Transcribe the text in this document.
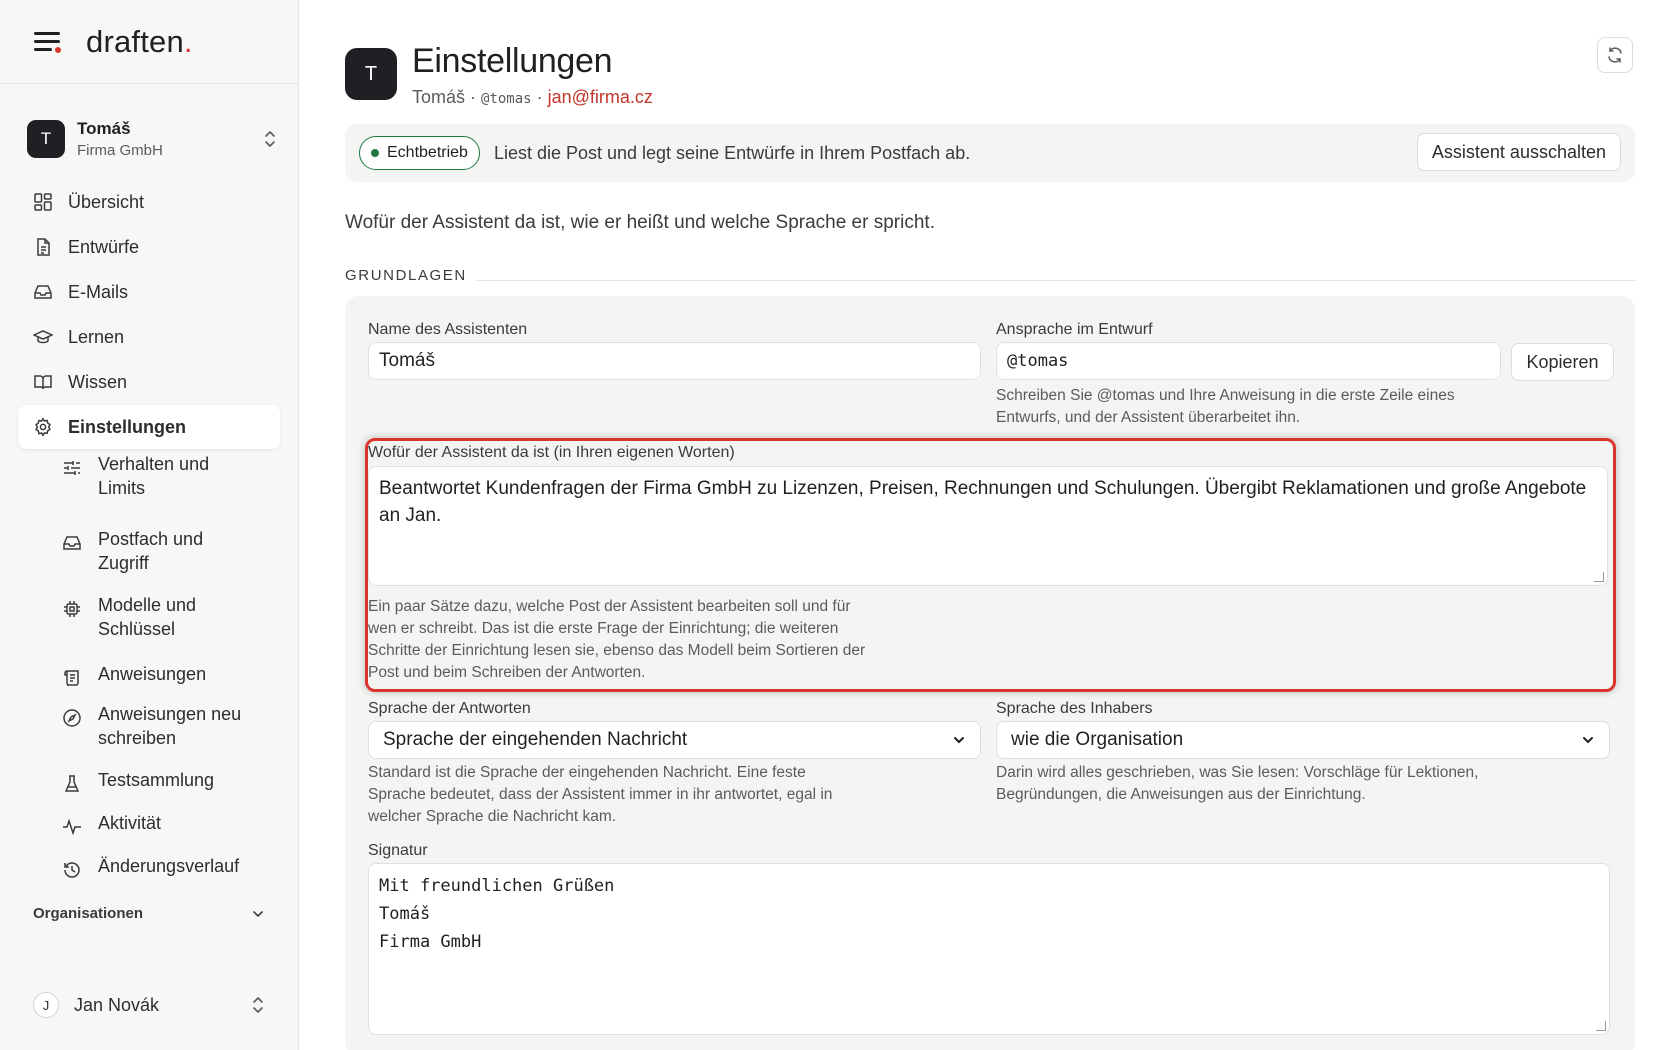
draften.
T
Tomáš
Firma GmbH
Übersicht
Entwürfe
E-Mails
Lernen
Wissen
Einstellungen
Verhalten und Limits
Postfach und Zugriff
Modelle und Schlüssel
Anweisungen
Anweisungen neu schreiben
Testsammlung
Aktivität
Änderungsverlauf
Organisationen
J	Jan Novák
T	Einstellungen
Tomáš · @tomas · jan@firma.cz
Echtbetrieb Liest die Post und legt seine Entwürfe in Ihrem Postfach ab.	Assistent ausschalten

Wofür der Assistent da ist, wie er heißt und welche Sprache er spricht.

GRUNDLAGEN
Name des Assistenten
Tomáš
Ansprache im Entwurf
@tomas	Kopieren

Schreiben Sie @tomas und Ihre Anweisung in die erste Zeile eines Entwurfs, und der Assistent überarbeitet ihn.

Wofür der Assistent da ist (in Ihren eigenen Worten)
Beantwortet Kundenfragen der Firma GmbH zu Lizenzen, Preisen, Rechnungen und Schulungen. Übergibt Reklamationen und große Angebote an Jan.

Ein paar Sätze dazu, welche Post der Assistent bearbeiten soll und für wen er schreibt. Das ist die erste Frage der Einrichtung; die weiteren Schritte der Einrichtung lesen sie, ebenso das Modell beim Sortieren der Post und beim Schreiben der Antworten.

Sprache der Antworten
Sprache der eingehenden Nachricht

Standard ist die Sprache der eingehenden Nachricht. Eine feste Sprache bedeutet, dass der Assistent immer in ihr antwortet, egal in welcher Sprache die Nachricht kam.

Sprache des Inhabers
wie die Organisation

Darin wird alles geschrieben, was Sie lesen: Vorschläge für Lektionen, Begründungen, die Anweisungen aus der Einrichtung.

Signatur
Mit freundlichen Grüßen
Tomáš
Firma GmbH
